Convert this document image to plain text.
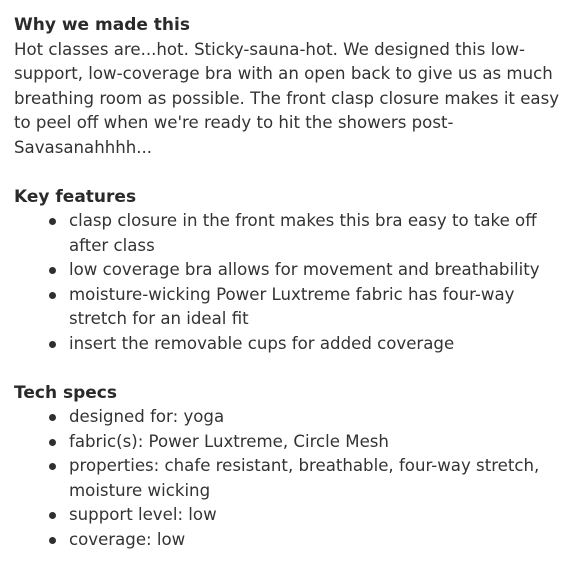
Why we made this

Hot classes are...hot. Sticky-sauna-hot. We designed this low-support, low-coverage bra with an open back to give us as much breathing room as possible. The front clasp closure makes it easy to peel off when we're ready to hit the showers post-Savasanahhhh...

Key features
clasp closure in the front makes this bra easy to take off after class
low coverage bra allows for movement and breathability
moisture-wicking Power Luxtreme fabric has four-way stretch for an ideal fit
insert the removable cups for added coverage
Tech specs
designed for: yoga
fabric(s): Power Luxtreme, Circle Mesh
properties: chafe resistant, breathable, four-way stretch, moisture wicking
support level: low
coverage: low
